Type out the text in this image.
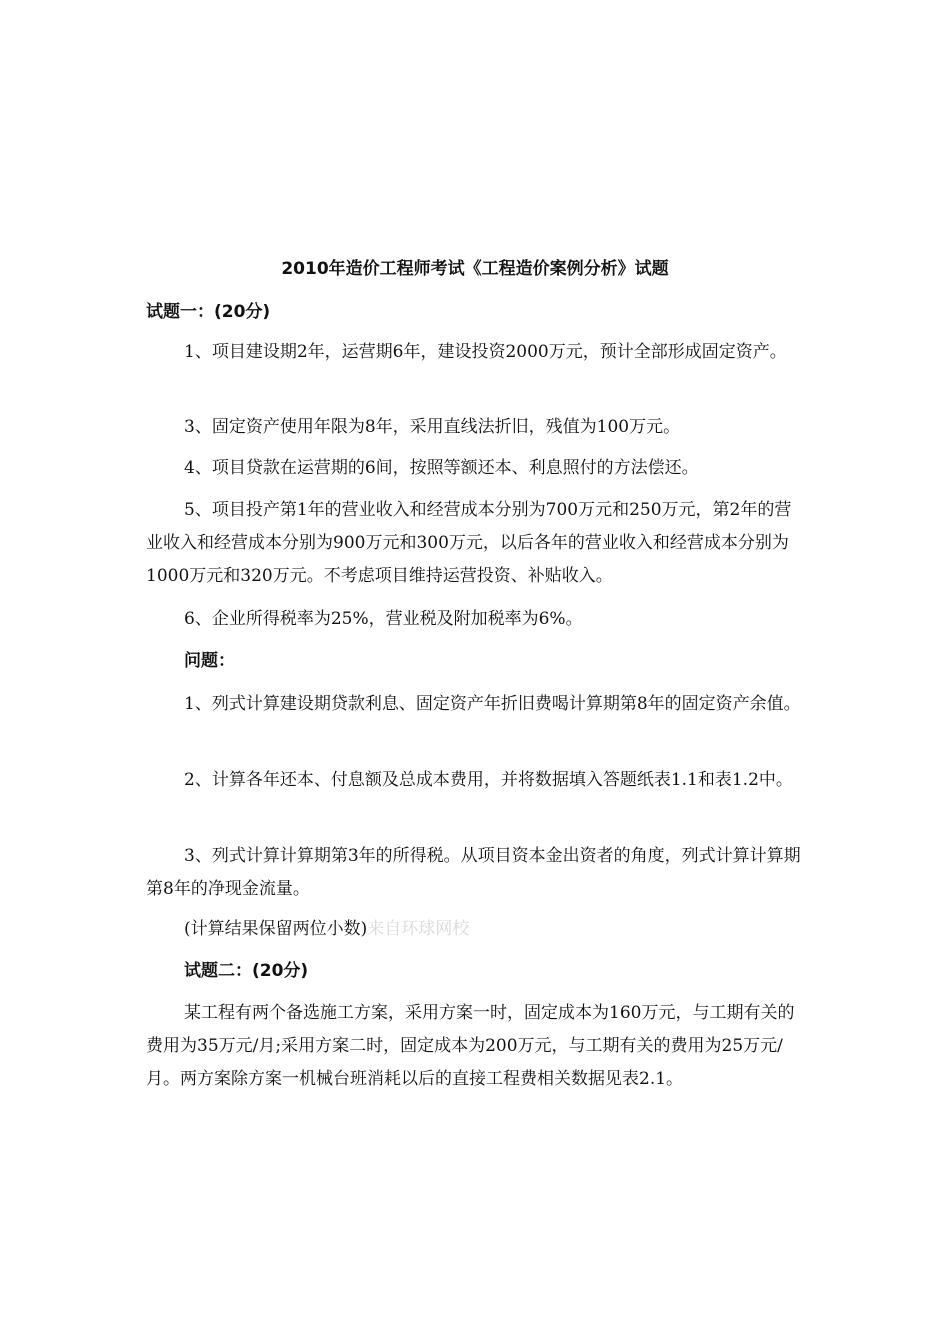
2010年造价工程师考试《工程造价案例分析》试题
试题一：(20分)
1、项目建设期2年，运营期6年，建设投资2000万元，预计全部形成固定资产。
3、固定资产使用年限为8年，采用直线法折旧，残值为100万元。
4、项目贷款在运营期的6间，按照等额还本、利息照付的方法偿还。
5、项目投产第1年的营业收入和经营成本分别为700万元和250万元，第2年的营业收入和经营成本分别为900万元和300万元，以后各年的营业收入和经营成本分别为1000万元和320万元。不考虑项目维持运营投资、补贴收入。
6、企业所得税率为25%，营业税及附加税率为6%。
问题：
1、列式计算建设期贷款利息、固定资产年折旧费喝计算期第8年的固定资产余值。
2、计算各年还本、付息额及总成本费用，并将数据填入答题纸表1.1和表1.2中。
3、列式计算计算期第3年的所得税。从项目资本金出资者的角度，列式计算计算期第8年的净现金流量。
(计算结果保留两位小数)来自环球网校
试题二：(20分)
某工程有两个备选施工方案，采用方案一时，固定成本为160万元，与工期有关的费用为35万元/月;采用方案二时，固定成本为200万元，与工期有关的费用为25万元/月。两方案除方案一机械台班消耗以后的直接工程费相关数据见表2.1。
